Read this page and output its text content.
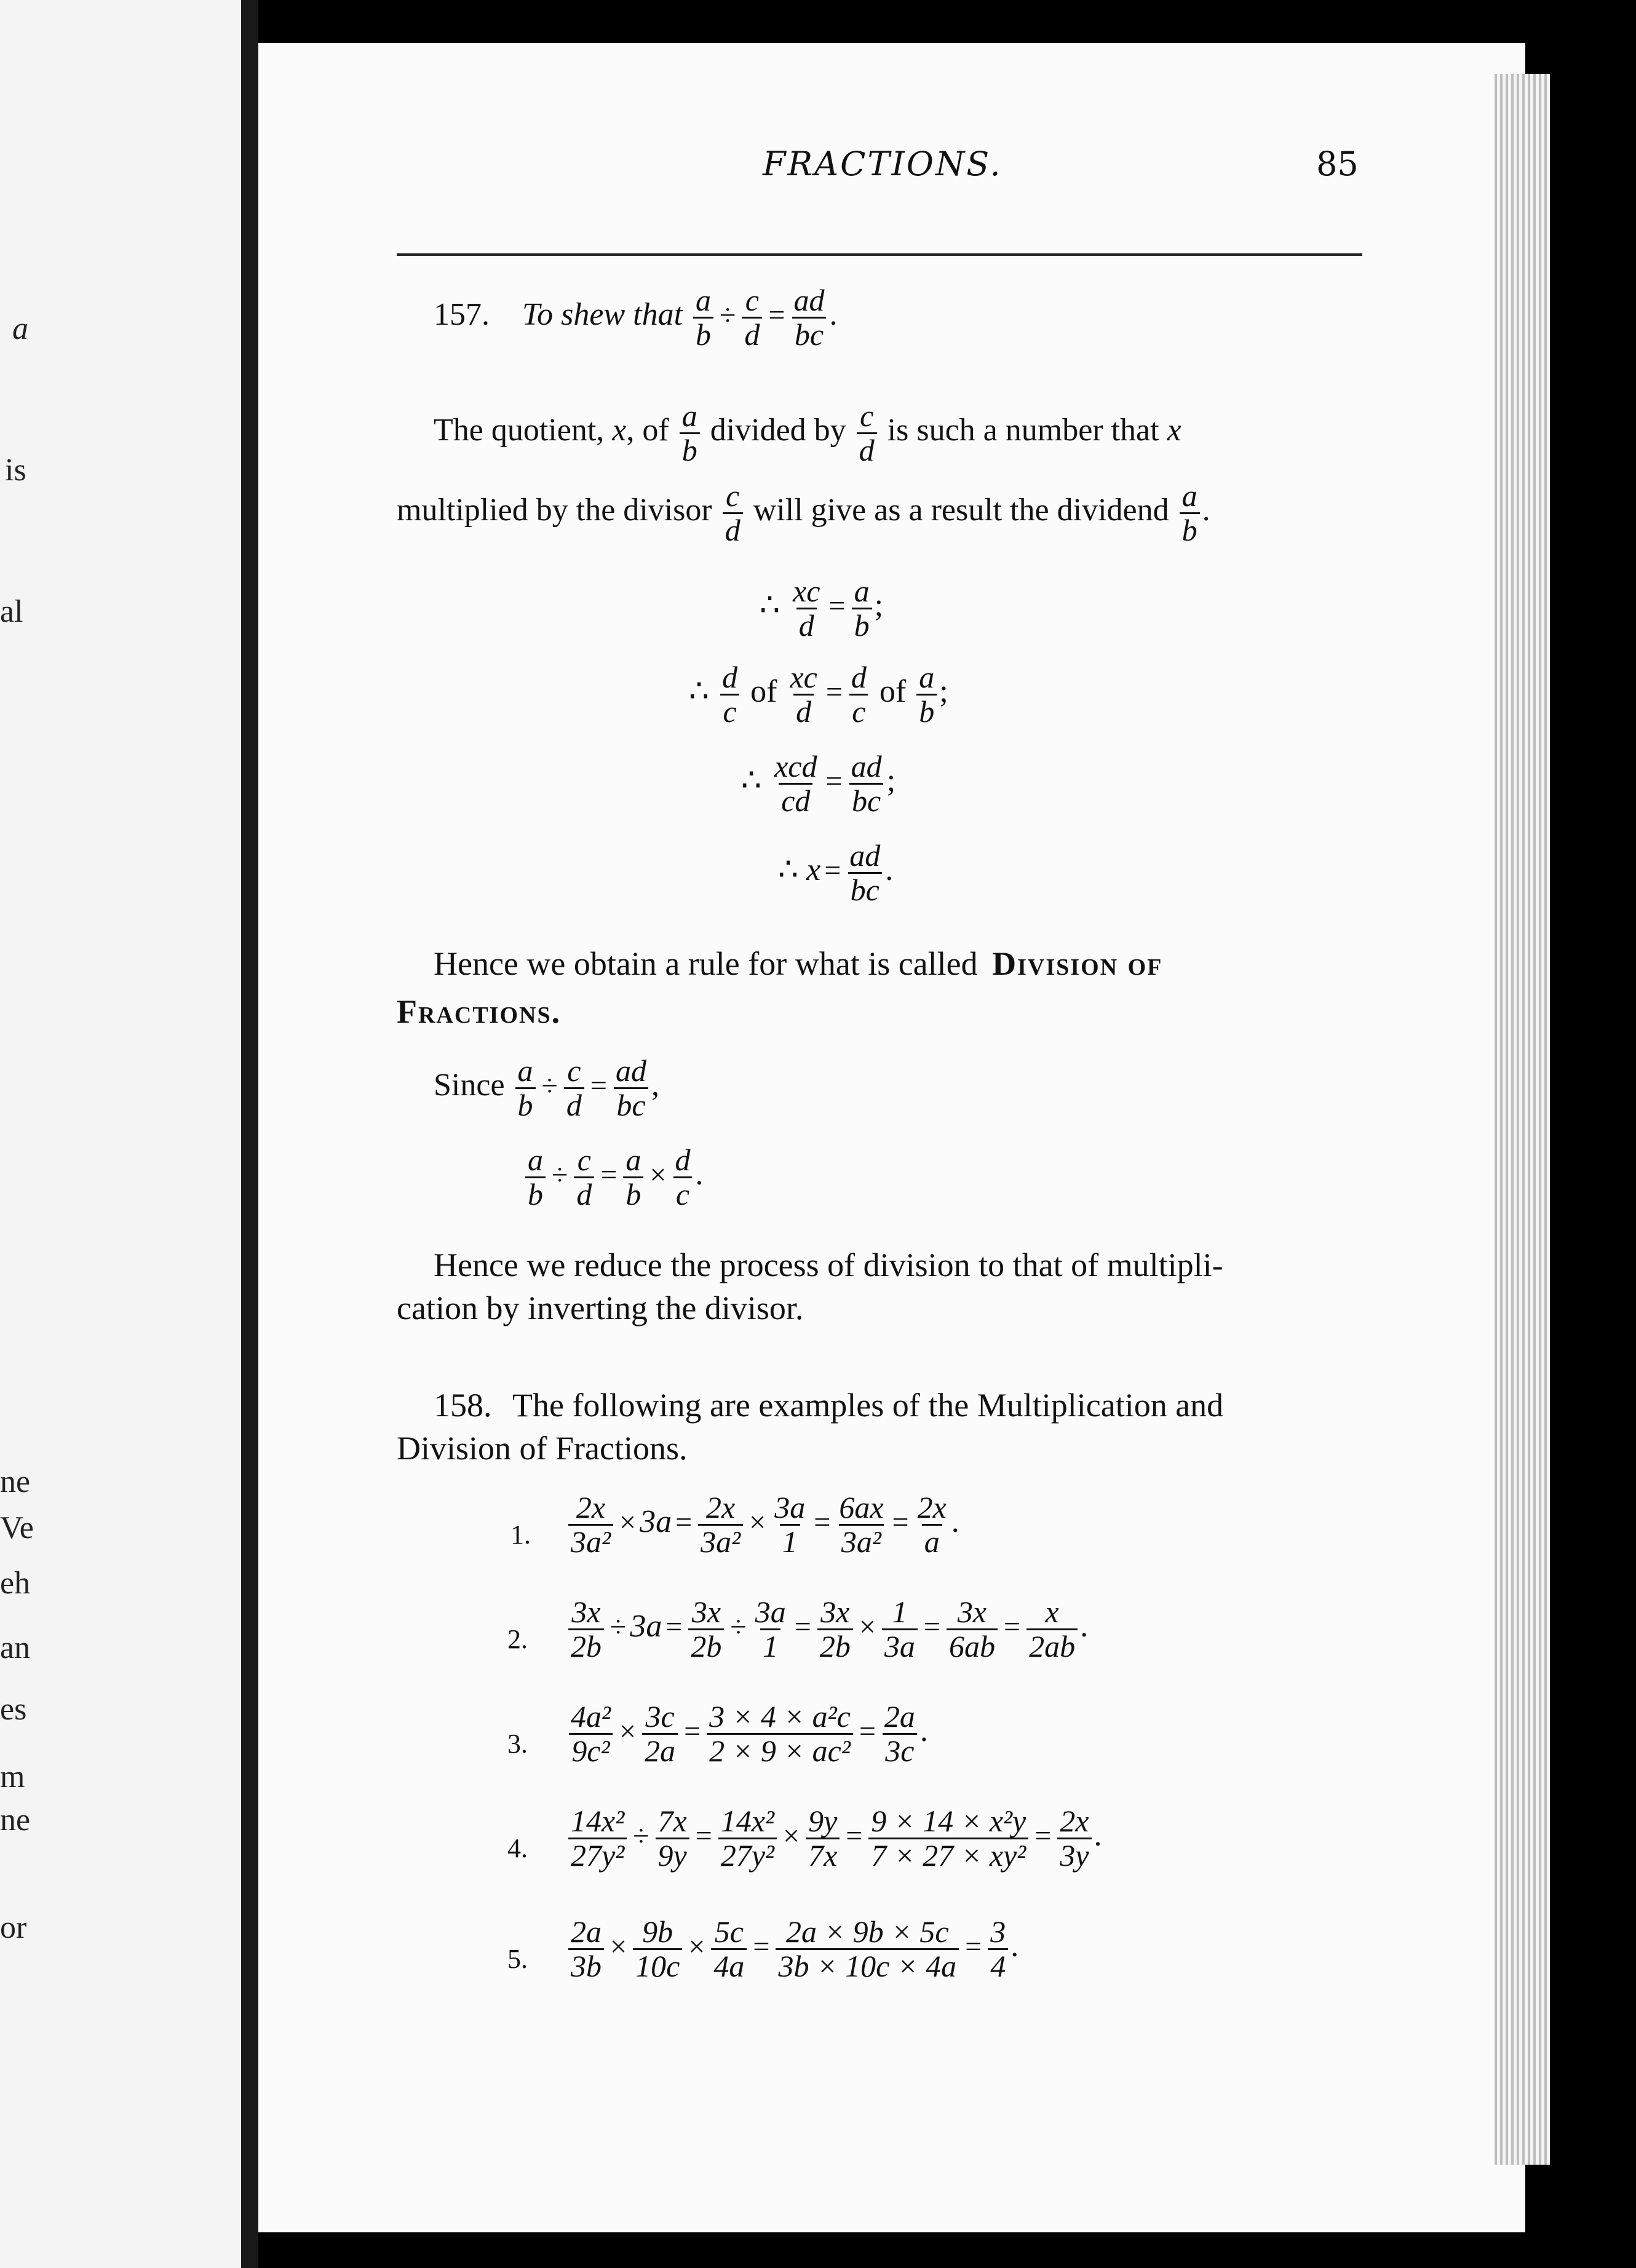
a
is
al
ne
Ve
eh
an
es
m
ne
or
FRACTIONS.	85
157. To shew that $\frac{a}{b} \div \frac{c}{d} = \frac{ad}{bc}$ .
The quotient, x, of $\frac{a}{b}$ divided by $\frac{c}{d}$ is such a number that x
multiplied by the divisor $\frac{c}{d}$ will give as a result the dividend $\frac{a}{b}$ .
∴ $\frac{xc}{d} = \frac{a}{b}$ ;
∴ $\frac{d}{c}$ of $\frac{xc}{d} = \frac{d}{c}$ of $\frac{a}{b}$ ;
∴ $\frac{\text{xcd}}{cd} = \frac{ad}{bc}$ ;
∴ $x = \frac{ad}{bc}$ .
Hence we obtain a rule for what is called Division of
Fractions.
Since $\frac{a}{b} \div \frac{c}{d} = \frac{ad}{bc}$ ,
$\frac{a}{b} \div \frac{c}{d} = \frac{a}{b} \times \frac{d}{c}$ .
Hence we reduce the process of division to that of multipli-
cation by inverting the divisor.
158. The following are examples of the Multiplication and
Division of Fractions.
1. $\frac{2x}{\text{3a²}} \times 3a = \frac{2x}{\text{3a²}} \times \frac{3a}{1} = \frac{6ax}{\text{3a²}} = \frac{2x}{a}$ .
2. $\frac{3x}{2b} \div 3a = \frac{3x}{2b} \div \frac{3a}{1} = \frac{3x}{2b} \times \frac{1}{3a} = \frac{3x}{6ab} = \frac{x}{2ab}$ .
3. $\frac{\text{4a²}}{\text{9c²}} \times \frac{3c}{2a} = \frac{\text{3 × 4 × a²c}}{\text{2 × 9 × ac²}} = \frac{2a}{3c}$ .
4. $\frac{\text{14x²}}{\text{27y²}} \div \frac{7x}{9y} = \frac{\text{14x²}}{\text{27y²}} \times \frac{9y}{7x} = \frac{\text{9 × 14 × x²y}}{\text{7 × 27 × xy²}} = \frac{2x}{3y}$ .
5. $\frac{2a}{3b} \times \frac{9b}{10c} \times \frac{5c}{4a} = \frac{2a \times 9b \times 5c}{3b \times 10c \times 4a} = \frac{3}{4}$ .
